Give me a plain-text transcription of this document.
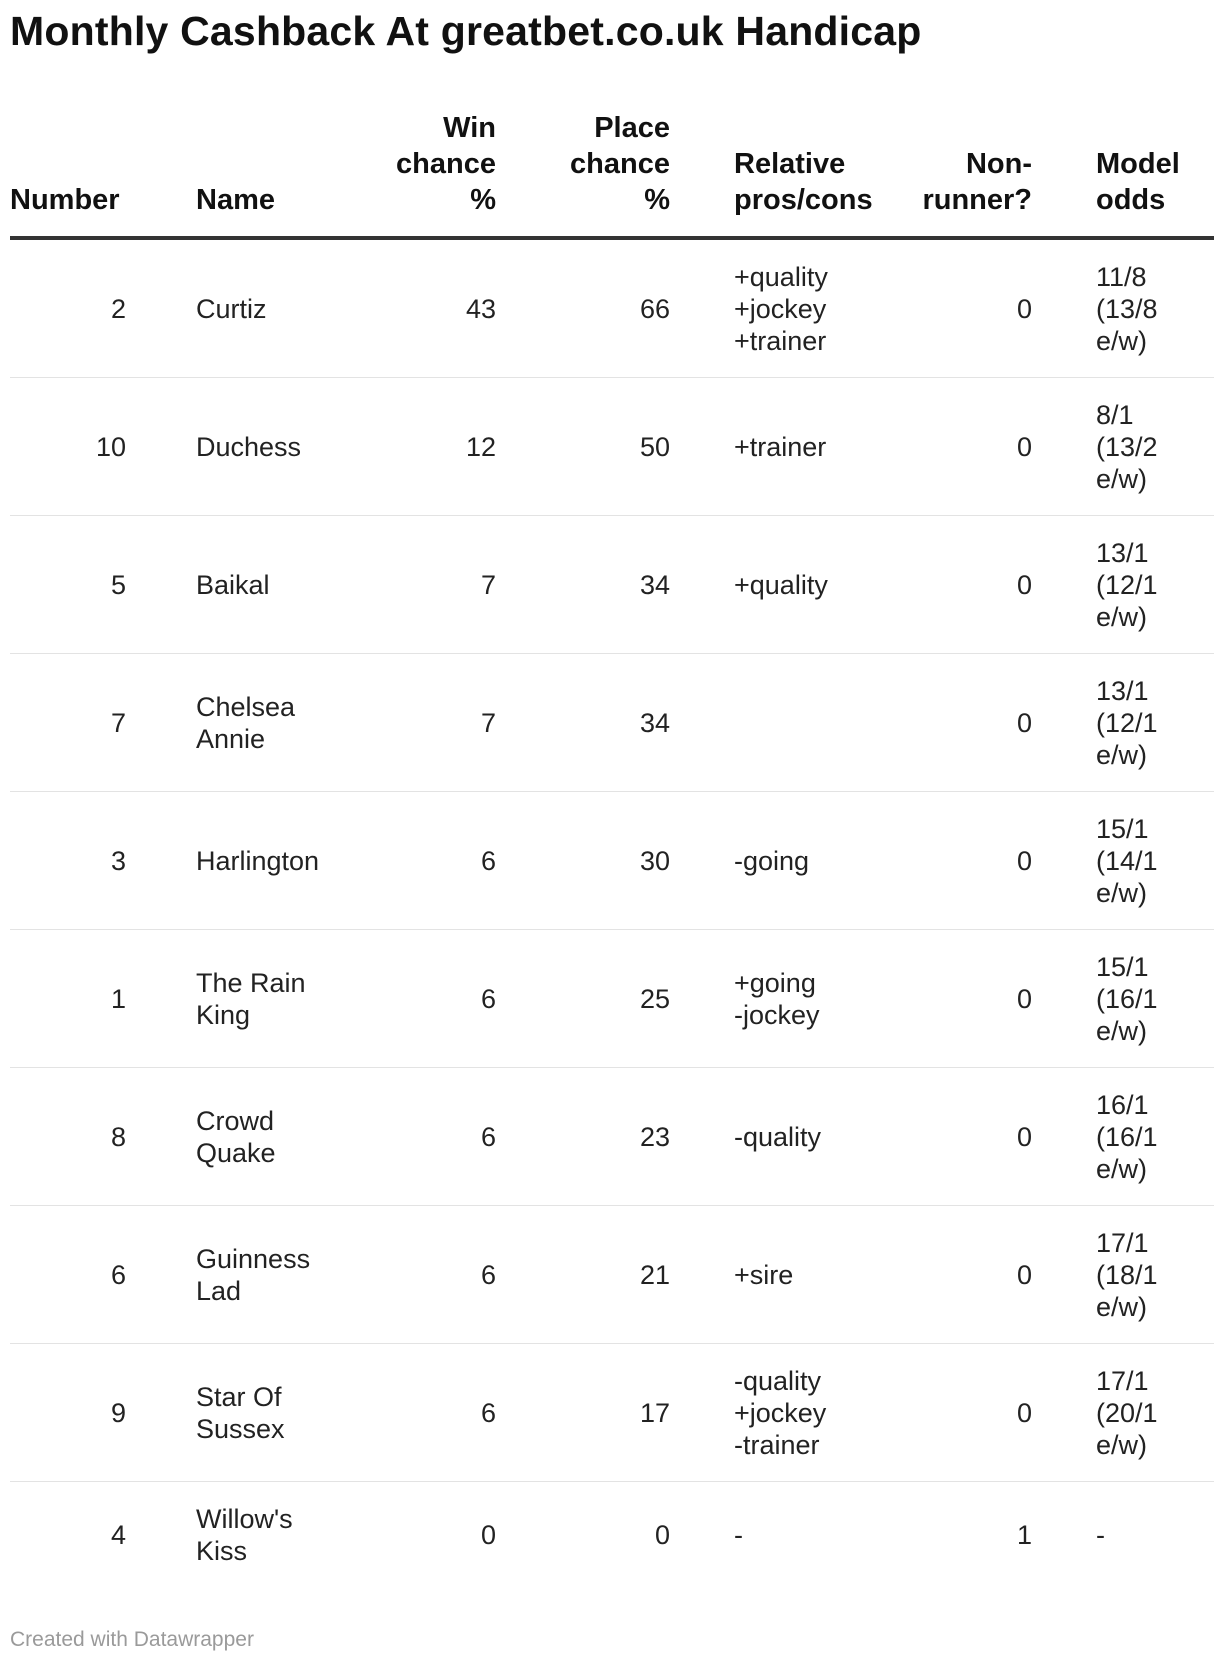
Monthly Cashback At greatbet.co.uk Handicap
Number	Name	Win
chance
%	Place
chance
%	Relative
pros/cons	Non-
runner?	Model
odds
2	Curtiz	43	66	+quality
+jockey
+trainer	0	11/8
(13/8
e/w)
10	Duchess	12	50	+trainer	0	8/1
(13/2
e/w)
5	Baikal	7	34	+quality	0	13/1
(12/1
e/w)
7	Chelsea
Annie	7	34		0	13/1
(12/1
e/w)
3	Harlington	6	30	-going	0	15/1
(14/1
e/w)
1	The Rain
King	6	25	+going
-jockey	0	15/1
(16/1
e/w)
8	Crowd
Quake	6	23	-quality	0	16/1
(16/1
e/w)
6	Guinness
Lad	6	21	+sire	0	17/1
(18/1
e/w)
9	Star Of
Sussex	6	17	-quality
+jockey
-trainer	0	17/1
(20/1
e/w)
4	Willow's
Kiss	0	0	-	1	-
Created with Datawrapper
